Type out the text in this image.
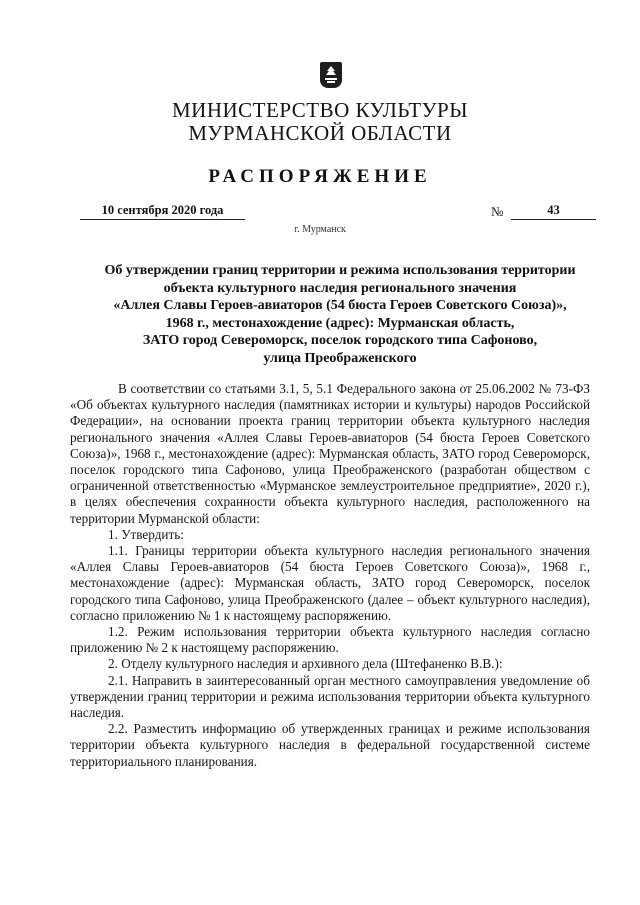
МИНИСТЕРСТВО КУЛЬТУРЫ
МУРМАНСКОЙ ОБЛАСТИ
РАСПОРЯЖЕНИЕ
10 сентября 2020 года	№	43
г. Мурманск
Об утверждении границ территории и режима использования территории
объекта культурного наследия регионального значения
«Аллея Славы Героев-авиаторов (54 бюста Героев Советского Союза)»,
1968 г., местонахождение (адрес): Мурманская область,
ЗАТО город Североморск, поселок городского типа Сафоново,
улица Преображенского
В соответствии со статьями 3.1, 5, 5.1 Федерального закона от 25.06.2002 № 73-ФЗ «Об объектах культурного наследия (памятниках истории и культуры) народов Российской Федерации», на основании проекта границ территории объекта культурного наследия регионального значения «Аллея Славы Героев-авиаторов (54 бюста Героев Советского Союза)», 1968 г., местонахождение (адрес): Мурманская область, ЗАТО город Североморск, поселок городского типа Сафоново, улица Преображенского (разработан обществом с ограниченной ответственностью «Мурманское землеустроительное предприятие», 2020 г.), в целях обеспечения сохранности объекта культурного наследия, расположенного на территории Мурманской области:
1. Утвердить:
1.1. Границы территории объекта культурного наследия регионального значения «Аллея Славы Героев-авиаторов (54 бюста Героев Советского Союза)», 1968 г., местонахождение (адрес): Мурманская область, ЗАТО город Североморск, поселок городского типа Сафоново, улица Преображенского (далее – объект культурного наследия), согласно приложению № 1 к настоящему распоряжению.
1.2. Режим использования территории объекта культурного наследия согласно приложению № 2 к настоящему распоряжению.
2. Отделу культурного наследия и архивного дела (Штефаненко В.В.):
2.1. Направить в заинтересованный орган местного самоуправления уведомление об утверждении границ территории и режима использования территории объекта культурного наследия.
2.2. Разместить информацию об утвержденных границах и режиме использования территории объекта культурного наследия в федеральной государственной системе территориального планирования.
